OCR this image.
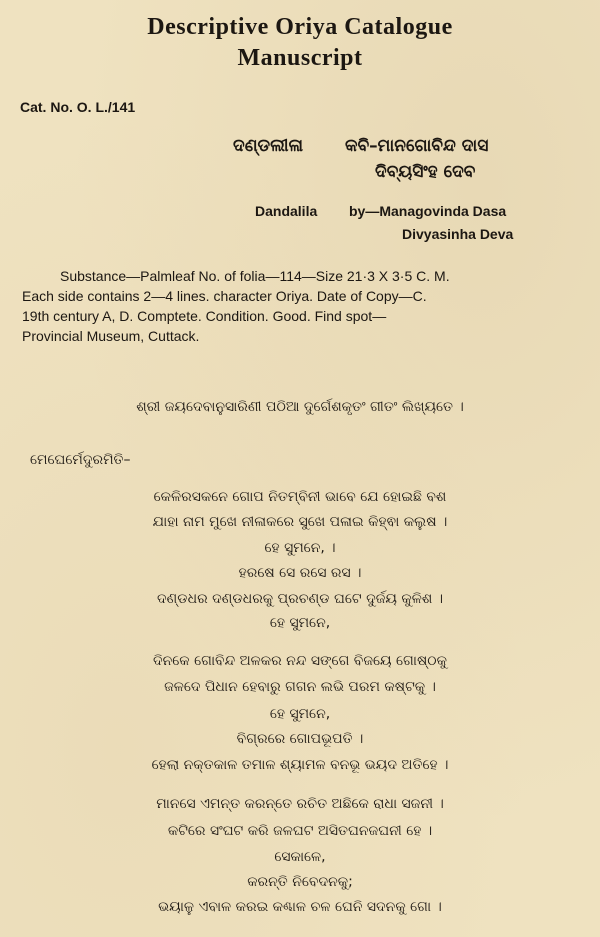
Descriptive Oriya Catalogue
Manuscript
Cat. No. O. L./141
ଦଣ୍ଡଲୀଳା କବି–ମାନଗୋବିନ୍ଦ ଦାସ
ଦିବ୍ୟସିଂହ ଦେବ
Dandalila by—Managovinda Dasa
Divyasinha Deva
Substance—Palmleaf No. of folia—114—Size 21·3 X 3·5 C. M.
Each side contains 2—4 lines. character Oriya. Date of Copy—C.
19th century A, D. Comptete. Condition. Good. Find spot—
Provincial Museum, Cuttack.
ଶ୍ରୀ ଜୟଦେବାନୁସାରିଣୀ ପଠିଆ ଦୁର୍ଗେଶକୃତଂ ଗୀତଂ ଲିଖ୍ୟତେ ।
ମେଘେର୍ମେଦୁରମିତି–
କେଳିରସକନେ ଗୋପ ନିତମ୍ବିନୀ ଭାବେ ଯେ ହୋଇଛି ବଶ
ଯାହା ନାମ ମୁଖେ ନୀଳାକରେ ସୁଖେ ପଳାଇ କିହ୍ଵା କଲୁଷ ।
ହେ ସୁମନେ, ।
ହରଷେ ସେ ରସେ ରସ ।
ଦଣ୍ଡଧର ଦଣ୍ଡଧରକୁ ପ୍ରଚଣ୍ଡ ଘଟେ ଦୁର୍ଜୟ କୁଳିଶ ।
ହେ ସୁମନେ,
ଦିନକେ ଗୋବିନ୍ଦ ଅଳକର ନନ୍ଦ ସଙ୍ଗେ ବିଜୟେ ଗୋଷ୍ଠକୁ
ଜଳଦେ ପିଧାନ ହେବାରୁ ଗଗନ ଲଭି ପରମ କଷ୍ଟକୁ ।
ହେ ସୁମନେ,
ବିଗ୍ରରେ ଗୋପଭୂପତି ।
ହେଲା ନକ୍ତକାଳ ତମାଳ ଶ୍ୟାମଳ ବନଭୂ ଭୟଦ ଅତିହେ ।
ମାନସେ ଏମନ୍ତ କରନ୍ତେ ରଚିତ ଅଛିକେ ରାଧା ସଜନୀ ।
କଟିରେ ସଂଘଟ କରି ଜଳଘଟ ଅସିତଘନଜଘନୀ ହେ ।
ସେକାଳେ,
କରନ୍ତି ନିବେଦନକୁ;
ଭୟାଳୁ ଏବାଳ କରଇ କଣ୍ଢାଳ ଚଳ ଘେନି ସଦନକୁ ଗୋ ।
